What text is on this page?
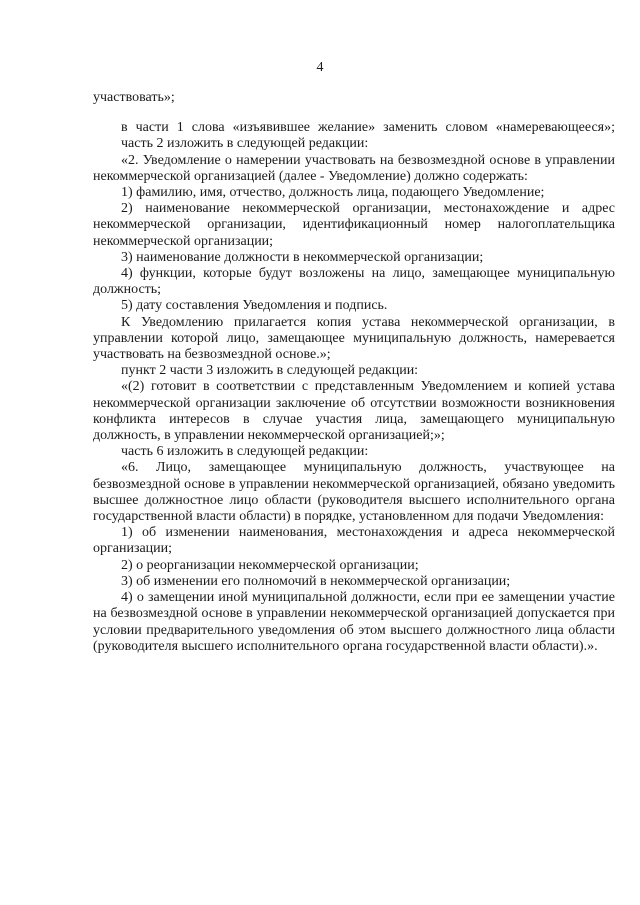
4

участвовать»;

в части 1 слова «изъявившее желание» заменить словом «намеревающееся»;

часть 2 изложить в следующей редакции:

«2. Уведомление о намерении участвовать на безвозмездной основе в управлении некоммерческой организацией (далее - Уведомление) должно содержать:

1) фамилию, имя, отчество, должность лица, подающего Уведомление;

2) наименование некоммерческой организации, местонахождение и адрес некоммерческой организации, идентификационный номер налогоплательщика некоммерческой организации;

3) наименование должности в некоммерческой организации;

4) функции, которые будут возложены на лицо, замещающее муниципальную должность;

5) дату составления Уведомления и подпись.

К Уведомлению прилагается копия устава некоммерческой организации, в управлении которой лицо, замещающее муниципальную должность, намеревается участвовать на безвозмездной основе.»;

пункт 2 части 3 изложить в следующей редакции:

«(2) готовит в соответствии с представленным Уведомлением и копией устава некоммерческой организации заключение об отсутствии возможности возникновения конфликта интересов в случае участия лица, замещающего муниципальную должность, в управлении некоммерческой организацией;»;

часть 6 изложить в следующей редакции:

«6. Лицо, замещающее муниципальную должность, участвующее на безвозмездной основе в управлении некоммерческой организацией, обязано уведомить высшее должностное лицо области (руководителя высшего исполнительного органа государственной власти области) в порядке, установленном для подачи Уведомления:

1) об изменении наименования, местонахождения и адреса некоммерческой организации;

2) о реорганизации некоммерческой организации;

3) об изменении его полномочий в некоммерческой организации;

4) о замещении иной муниципальной должности, если при ее замещении участие на безвозмездной основе в управлении некоммерческой организацией допускается при условии предварительного уведомления об этом высшего должностного лица области (руководителя высшего исполнительного органа государственной власти области).».
